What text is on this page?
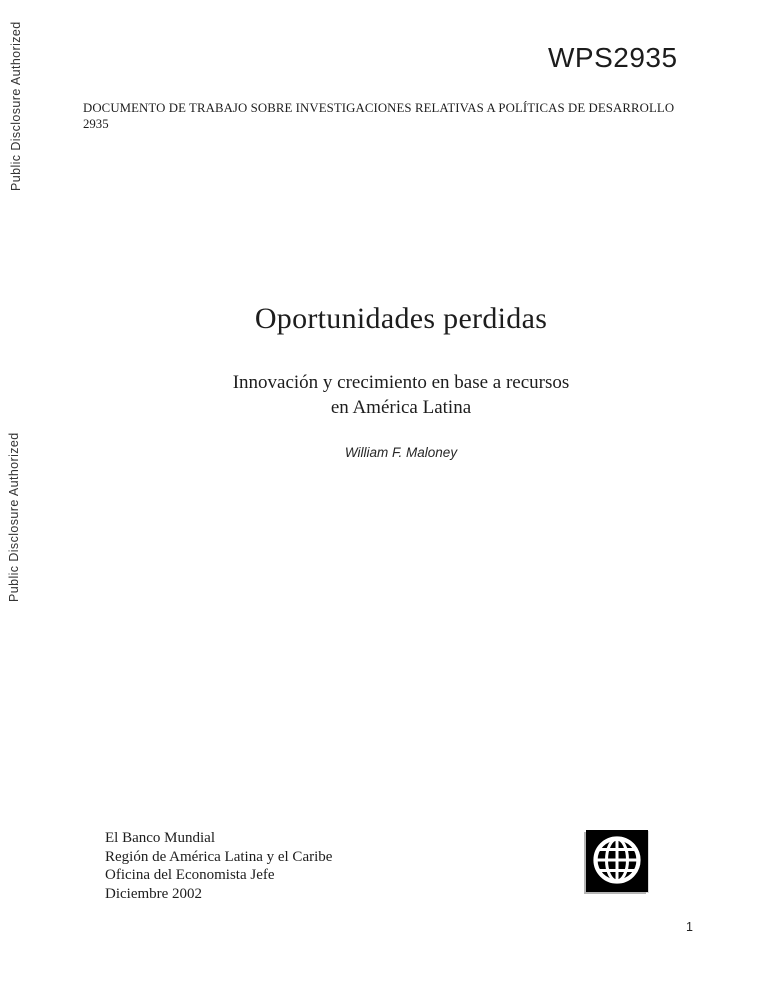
Public Disclosure Authorized
Public Disclosure Authorized
WPS2935
DOCUMENTO DE TRABAJO SOBRE INVESTIGACIONES RELATIVAS A POLÍTICAS DE DESARROLLO
2935
Oportunidades perdidas
Innovación y crecimiento en base a recursos
en América Latina
William F. Maloney
El Banco Mundial
Región de América Latina y el Caribe
Oficina del Economista Jefe
Diciembre 2002
1
